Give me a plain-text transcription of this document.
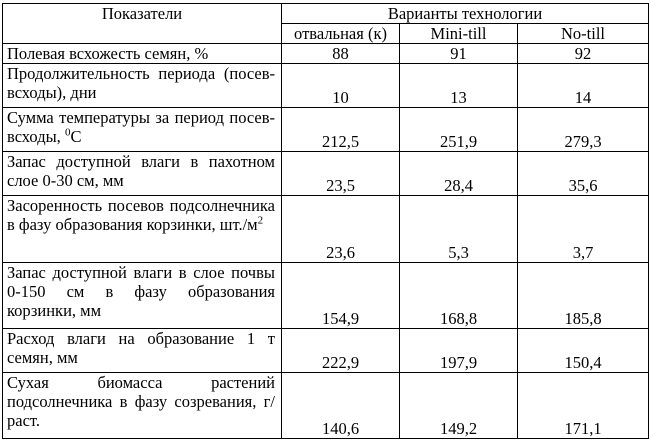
Показатели	Варианты технологии		
	отвальная (к)	Mini-till	No-till
Полевая всхожесть семян, %	88	91	92
Продолжительность периода (посев-всходы), дни	10	13	14
Сумма температуры за период посев-всходы, $^0$С	212,5	251,9	279,3
Запас доступной влаги в пахотном слое 0-30 см, мм	23,5	28,4	35,6
Засоренность посевов подсолнечника в фазу образования корзинки, $шт./м^2$	23,6	5,3	3,7
Запас доступной влаги в слое почвы 0-150 см в фазу образования корзинки, мм	154,9	168,8	185,8
Расход влаги на образование 1 т семян, мм	222,9	197,9	150,4
Сухая биомасса растений подсолнечника в фазу созревания, г/раст.	140,6	149,2	171,1
